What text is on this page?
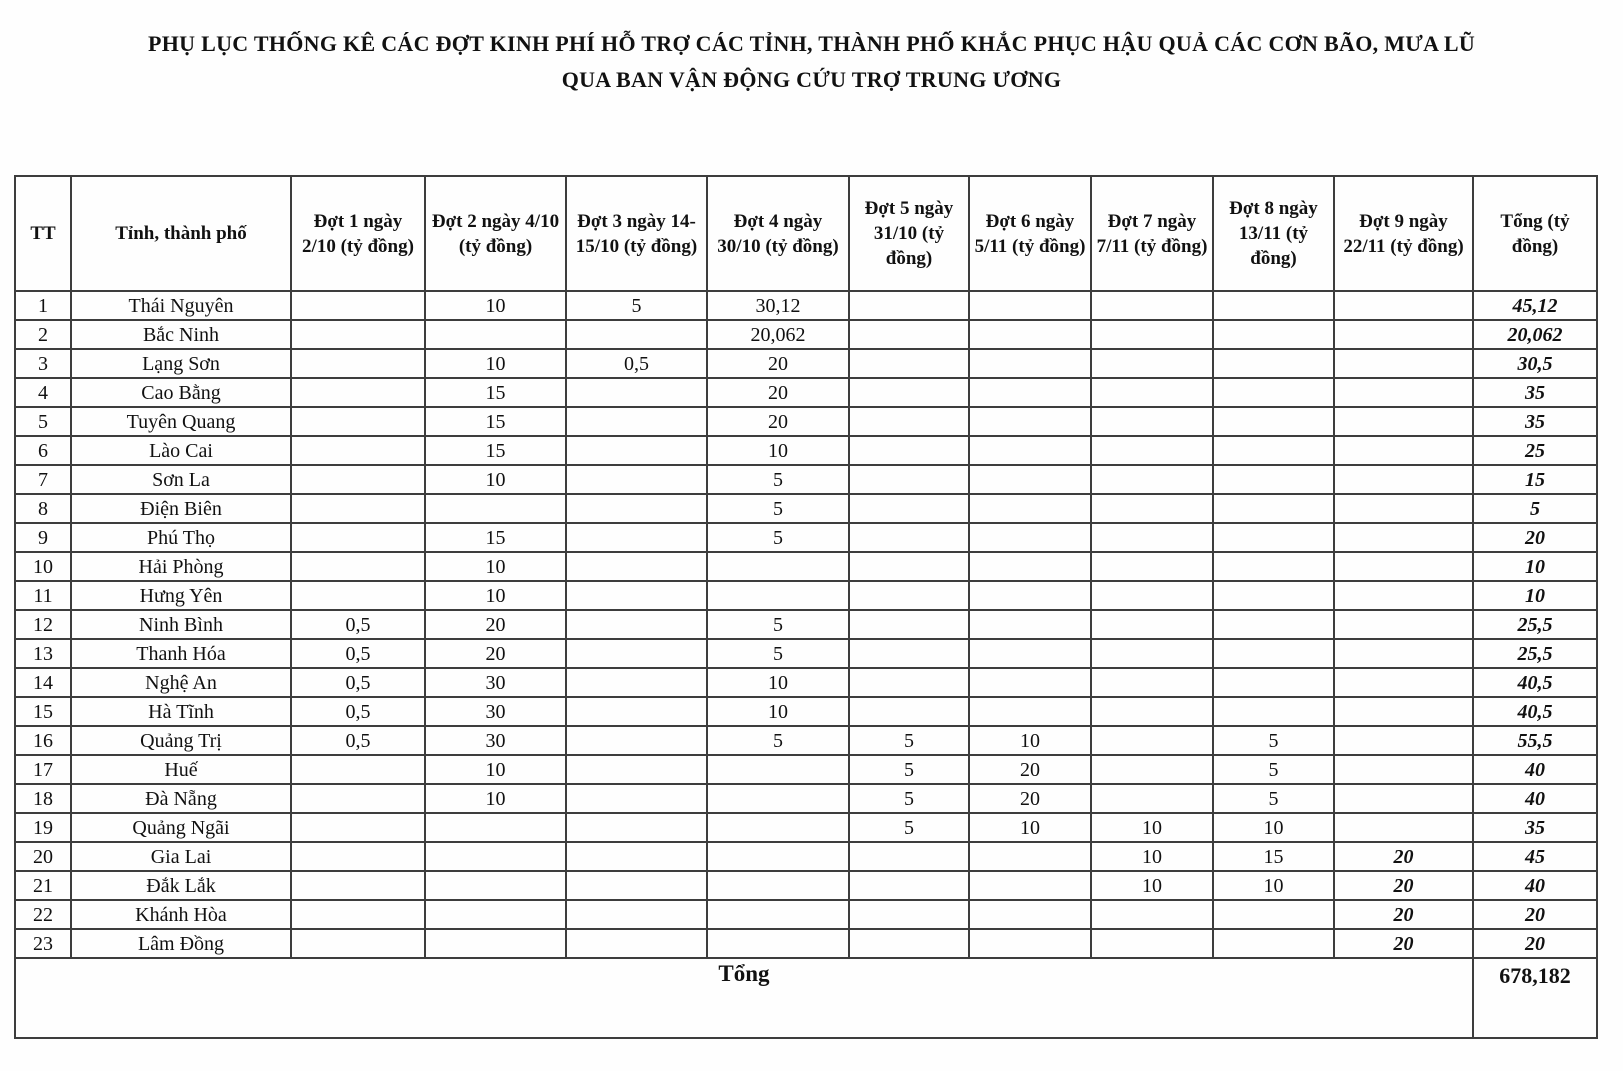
PHỤ LỤC THỐNG KÊ CÁC ĐỢT KINH PHÍ HỖ TRỢ CÁC TỈNH, THÀNH PHỐ KHẮC PHỤC HẬU QUẢ CÁC CƠN BÃO, MƯA LŨ
QUA BAN VẬN ĐỘNG CỨU TRỢ TRUNG ƯƠNG
TT	Tỉnh, thành phố	Đợt 1 ngày 2/10 (tỷ đồng)	Đợt 2 ngày 4/10 (tỷ đồng)	Đợt 3 ngày 14-15/10 (tỷ đồng)	Đợt 4 ngày 30/10 (tỷ đồng)	Đợt 5 ngày 31/10 (tỷ đồng)	Đợt 6 ngày 5/11 (tỷ đồng)	Đợt 7 ngày 7/11 (tỷ đồng)	Đợt 8 ngày 13/11 (tỷ đồng)	Đợt 9 ngày 22/11 (tỷ đồng)	Tổng (tỷ đồng)
1	Thái Nguyên		10	5	30,12						45,12
2	Bắc Ninh				20,062						20,062
3	Lạng Sơn		10	0,5	20						30,5
4	Cao Bằng		15		20						35
5	Tuyên Quang		15		20						35
6	Lào Cai		15		10						25
7	Sơn La		10		5						15
8	Điện Biên				5						5
9	Phú Thọ		15		5						20
10	Hải Phòng		10								10
11	Hưng Yên		10								10
12	Ninh Bình	0,5	20		5						25,5
13	Thanh Hóa	0,5	20		5						25,5
14	Nghệ An	0,5	30		10						40,5
15	Hà Tĩnh	0,5	30		10						40,5
16	Quảng Trị	0,5	30		5	5	10		5		55,5
17	Huế		10			5	20		5		40
18	Đà Nẵng		10			5	20		5		40
19	Quảng Ngãi					5	10	10	10		35
20	Gia Lai							10	15	20	45
21	Đắk Lắk							10	10	20	40
22	Khánh Hòa									20	20
23	Lâm Đồng									20	20
Tổng											678,182
